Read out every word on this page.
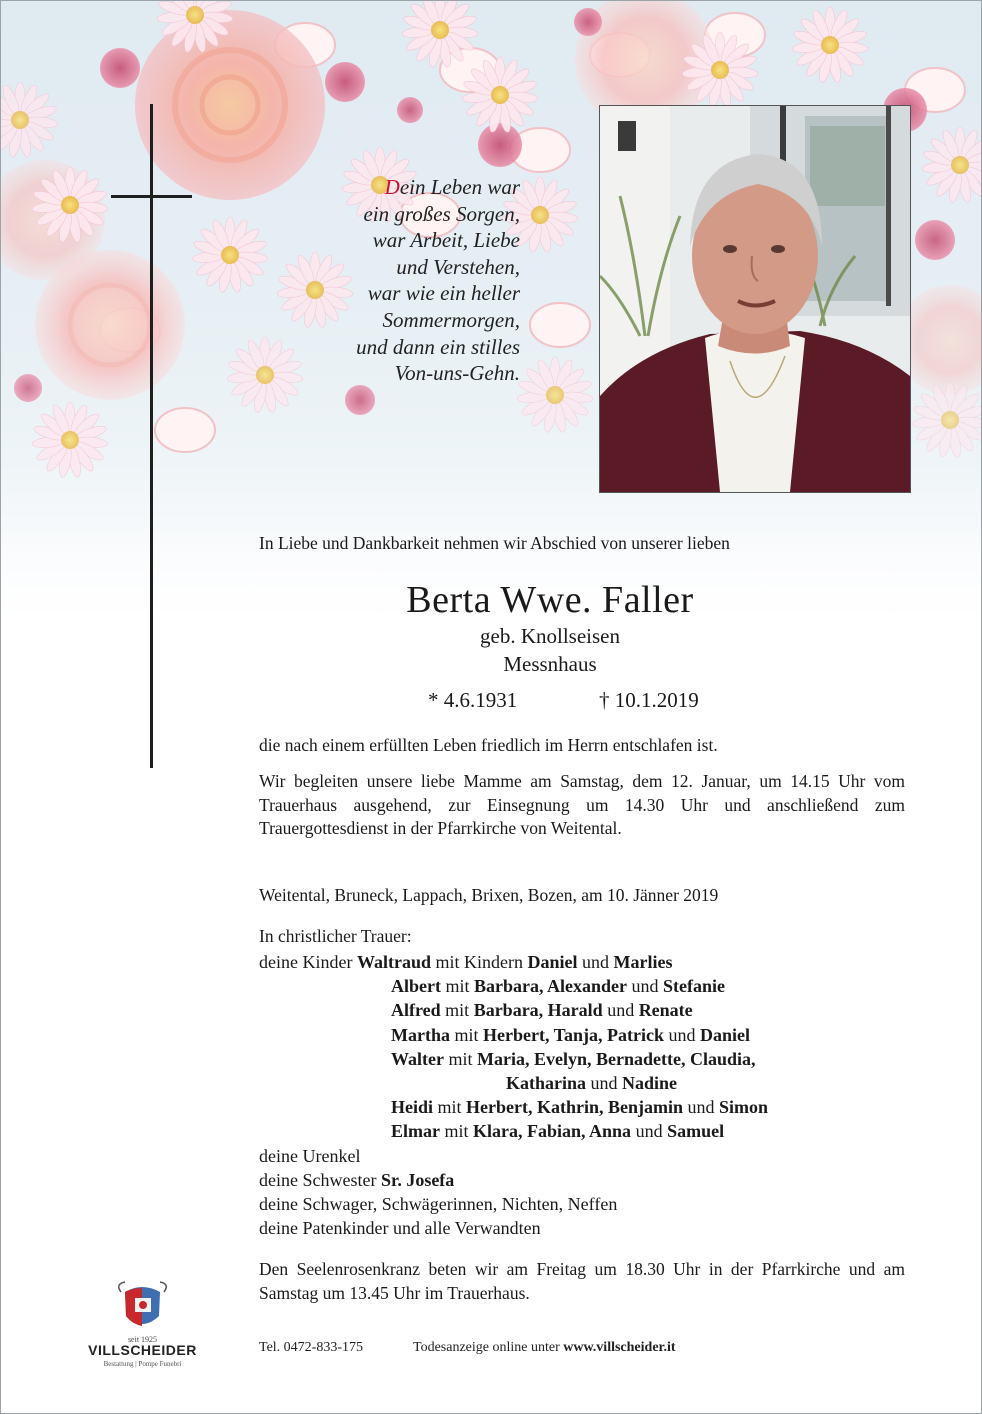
Dein Leben war
ein großes Sorgen,
war Arbeit, Liebe
und Verstehen,
war wie ein heller
Sommermorgen,
und dann ein stilles
Von-uns-Gehn.
In Liebe und Dankbarkeit nehmen wir Abschied von unserer lieben
Berta Wwe. Faller
geb. Knollseisen
Messnhaus
* 4.6.1931	† 10.1.2019
die nach einem erfüllten Leben friedlich im Herrn entschlafen ist.
Wir begleiten unsere liebe Mamme am Samstag, dem 12. Januar, um 14.15 Uhr vom Trauerhaus ausgehend, zur Einsegnung um 14.30 Uhr und anschließend zum Trauergottesdienst in der Pfarrkirche von Weitental.
Weitental, Bruneck, Lappach, Brixen, Bozen, am 10. Jänner 2019
In christlicher Trauer:
deine Kinder Waltraud mit Kindern Daniel und Marlies
Albert mit Barbara, Alexander und Stefanie
Alfred mit Barbara, Harald und Renate
Martha mit Herbert, Tanja, Patrick und Daniel
Walter mit Maria, Evelyn, Bernadette, Claudia,
Katharina und Nadine
Heidi mit Herbert, Kathrin, Benjamin und Simon
Elmar mit Klara, Fabian, Anna und Samuel
deine Urenkel
deine Schwester Sr. Josefa
deine Schwager, Schwägerinnen, Nichten, Neffen
deine Patenkinder und alle Verwandten
Den Seelenrosenkranz beten wir am Freitag um 18.30 Uhr in der Pfarrkirche und am Samstag um 13.45 Uhr im Trauerhaus.
seit 1925
VILLSCHEIDER
Bestattung | Pompe Funebri
Tel. 0472-833-175	Todesanzeige online unter www.villscheider.it
